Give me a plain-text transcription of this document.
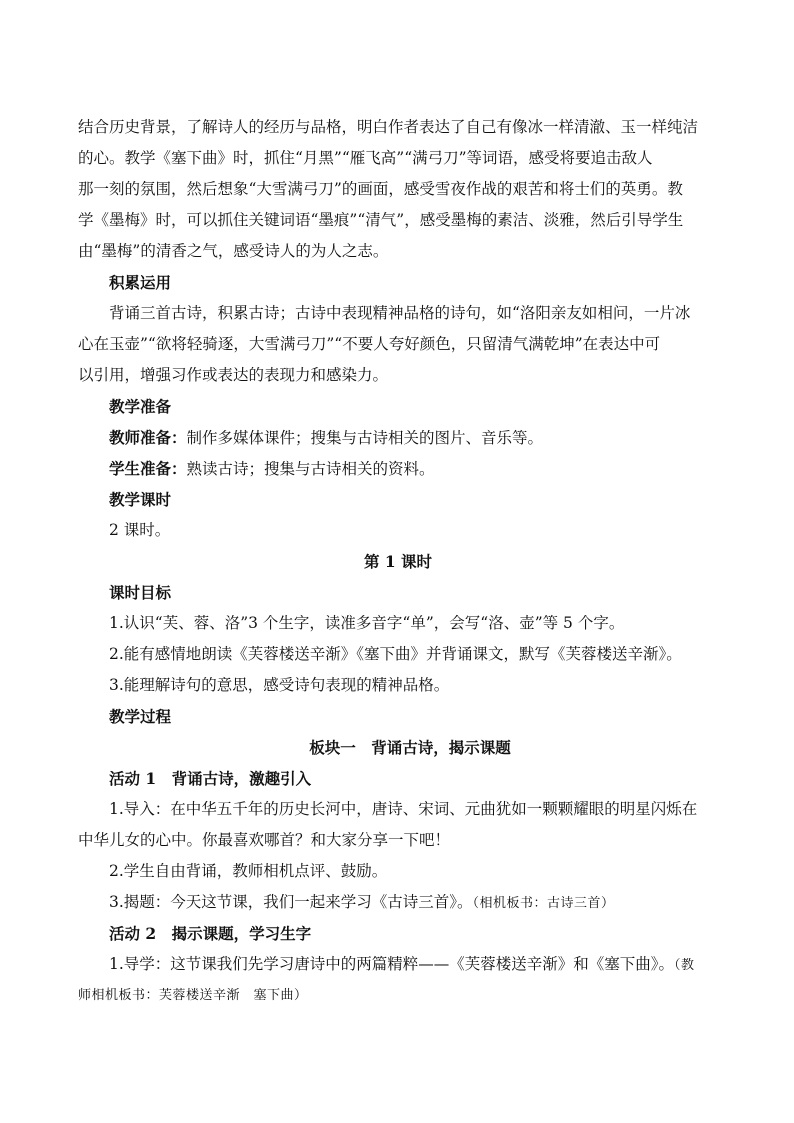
结合历史背景，了解诗人的经历与品格，明白作者表达了自己有像冰一样清澈、玉一样纯洁
的心。教学《塞下曲》时，抓住“月黑”“雁飞高”“满弓刀”等词语，感受将要追击敌人
那一刻的氛围，然后想象“大雪满弓刀”的画面，感受雪夜作战的艰苦和将士们的英勇。教
学《墨梅》时，可以抓住关键词语“墨痕”“清气”，感受墨梅的素洁、淡雅，然后引导学生
由“墨梅”的清香之气，感受诗人的为人之志。
积累运用
背诵三首古诗，积累古诗；古诗中表现精神品格的诗句，如“洛阳亲友如相问，一片冰
心在玉壶”“欲将轻骑逐，大雪满弓刀”“不要人夸好颜色，只留清气满乾坤”在表达中可
以引用，增强习作或表达的表现力和感染力。
教学准备
教师准备：制作多媒体课件；搜集与古诗相关的图片、音乐等。
学生准备：熟读古诗；搜集与古诗相关的资料。
教学课时
2 课时。
第 1 课时
课时目标
1.认识“芙、蓉、洛”3 个生字，读准多音字“单”，会写“洛、壶”等 5 个字。
2.能有感情地朗读《芙蓉楼送辛渐》《塞下曲》并背诵课文，默写《芙蓉楼送辛渐》。
3.能理解诗句的意思，感受诗句表现的精神品格。
教学过程
板块一　背诵古诗，揭示课题
活动 1　背诵古诗，激趣引入
1.导入：在中华五千年的历史长河中，唐诗、宋词、元曲犹如一颗颗耀眼的明星闪烁在
中华儿女的心中。你最喜欢哪首？和大家分享一下吧！
2.学生自由背诵，教师相机点评、鼓励。
3.揭题：今天这节课，我们一起来学习《古诗三首》。（相机板书：古诗三首）
活动 2　揭示课题，学习生字
1.导学：这节课我们先学习唐诗中的两篇精粹——《芙蓉楼送辛渐》和《塞下曲》。（教
师相机板书：芙蓉楼送辛渐　塞下曲）
